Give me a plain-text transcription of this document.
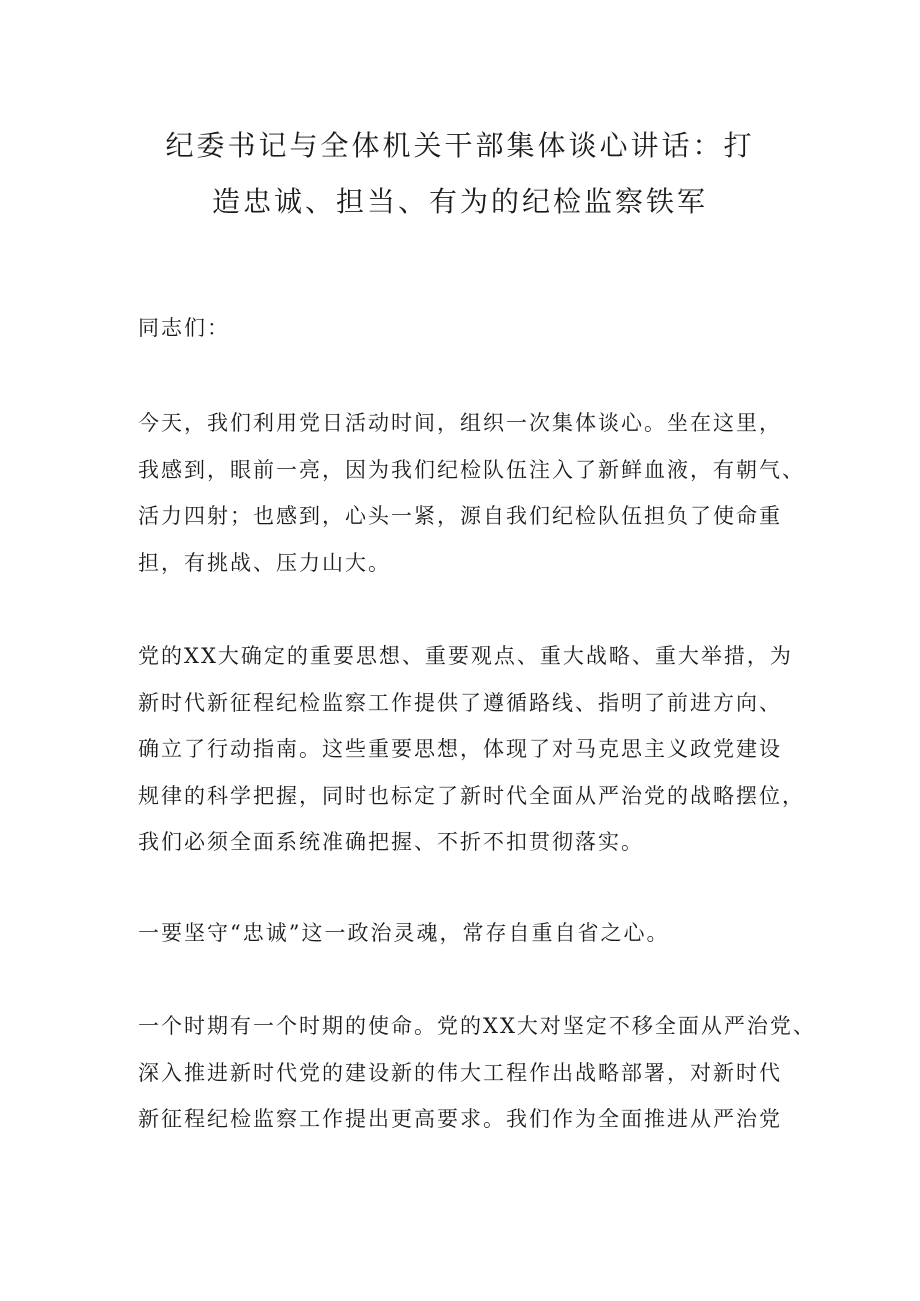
纪委书记与全体机关干部集体谈心讲话：打
造忠诚、担当、有为的纪检监察铁军

同志们：

今天，我们利用党日活动时间，组织一次集体谈心。坐在这里，
我感到，眼前一亮，因为我们纪检队伍注入了新鲜血液，有朝气、
活力四射；也感到，心头一紧，源自我们纪检队伍担负了使命重
担，有挑战、压力山大。

党的XX大确定的重要思想、重要观点、重大战略、重大举措，为
新时代新征程纪检监察工作提供了遵循路线、指明了前进方向、
确立了行动指南。这些重要思想，体现了对马克思主义政党建设
规律的科学把握，同时也标定了新时代全面从严治党的战略摆位，
我们必须全面系统准确把握、不折不扣贯彻落实。

一要坚守“忠诚”这一政治灵魂，常存自重自省之心。

一个时期有一个时期的使命。党的XX大对坚定不移全面从严治党、
深入推进新时代党的建设新的伟大工程作出战略部署，对新时代
新征程纪检监察工作提出更高要求。我们作为全面推进从严治党
